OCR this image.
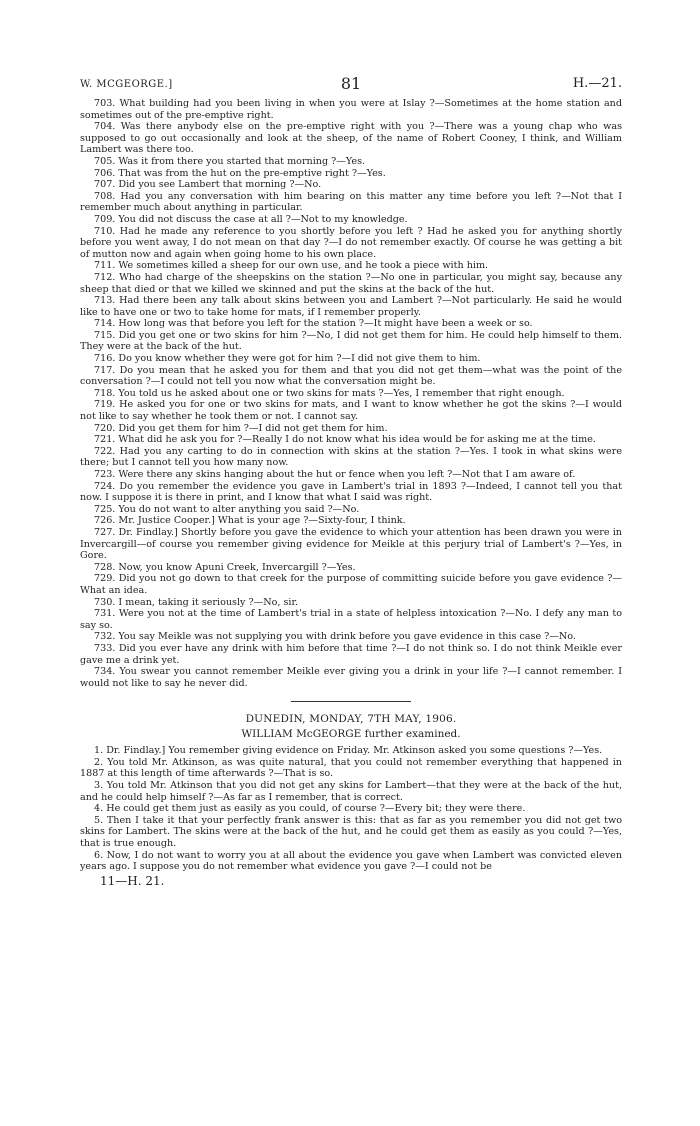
W. MCGEORGE.]	81	H.—21.

703. What building had you been living in when you were at Islay ?—Sometimes at the home station and sometimes out of the pre-emptive right.

704. Was there anybody else on the pre-emptive right with you ?—There was a young chap who was supposed to go out occasionally and look at the sheep, of the name of Robert Cooney, I think, and William Lambert was there too.

705. Was it from there you started that morning ?—Yes.

706. That was from the hut on the pre-emptive right ?—Yes.

707. Did you see Lambert that morning ?—No.

708. Had you any conversation with him bearing on this matter any time before you left ?—Not that I remember much about anything in particular.

709. You did not discuss the case at all ?—Not to my knowledge.

710. Had he made any reference to you shortly before you left ? Had he asked you for anything shortly before you went away, I do not mean on that day ?—I do not remember exactly. Of course he was getting a bit of mutton now and again when going home to his own place.

711. We sometimes killed a sheep for our own use, and he took a piece with him.

712. Who had charge of the sheepskins on the station ?—No one in particular, you might say, because any sheep that died or that we killed we skinned and put the skins at the back of the hut.

713. Had there been any talk about skins between you and Lambert ?—Not particularly. He said he would like to have one or two to take home for mats, if I remember properly.

714. How long was that before you left for the station ?—It might have been a week or so.

715. Did you get one or two skins for him ?—No, I did not get them for him. He could help himself to them. They were at the back of the hut.

716. Do you know whether they were got for him ?—I did not give them to him.

717. Do you mean that he asked you for them and that you did not get them—what was the point of the conversation ?—I could not tell you now what the conversation might be.

718. You told us he asked about one or two skins for mats ?—Yes, I remember that right enough.

719. He asked you for one or two skins for mats, and I want to know whether he got the skins ?—I would not like to say whether he took them or not. I cannot say.

720. Did you get them for him ?—I did not get them for him.

721. What did he ask you for ?—Really I do not know what his idea would be for asking me at the time.

722. Had you any carting to do in connection with skins at the station ?—Yes. I took in what skins were there; but I cannot tell you how many now.

723. Were there any skins hanging about the hut or fence when you left ?—Not that I am aware of.

724. Do you remember the evidence you gave in Lambert's trial in 1893 ?—Indeed, I cannot tell you that now. I suppose it is there in print, and I know that what I said was right.

725. You do not want to alter anything you said ?—No.

726. Mr. Justice Cooper.] What is your age ?—Sixty-four, I think.

727. Dr. Findlay.] Shortly before you gave the evidence to which your attention has been drawn you were in Invercargill—of course you remember giving evidence for Meikle at this perjury trial of Lambert's ?—Yes, in Gore.

728. Now, you know Apuni Creek, Invercargill ?—Yes.

729. Did you not go down to that creek for the purpose of committing suicide before you gave evidence ?—What an idea.

730. I mean, taking it seriously ?—No, sir.

731. Were you not at the time of Lambert's trial in a state of helpless intoxication ?—No. I defy any man to say so.

732. You say Meikle was not supplying you with drink before you gave evidence in this case ?—No.

733. Did you ever have any drink with him before that time ?—I do not think so. I do not think Meikle ever gave me a drink yet.

734. You swear you cannot remember Meikle ever giving you a drink in your life ?—I cannot remember. I would not like to say he never did.

DUNEDIN, MONDAY, 7TH MAY, 1906.
WILLIAM McGEORGE further examined.

1. Dr. Findlay.] You remember giving evidence on Friday. Mr. Atkinson asked you some questions ?—Yes.

2. You told Mr. Atkinson, as was quite natural, that you could not remember everything that happened in 1887 at this length of time afterwards ?—That is so.

3. You told Mr. Atkinson that you did not get any skins for Lambert—that they were at the back of the hut, and he could help himself ?—As far as I remember, that is correct.

4. He could get them just as easily as you could, of course ?—Every bit; they were there.

5. Then I take it that your perfectly frank answer is this: that as far as you remember you did not get two skins for Lambert. The skins were at the back of the hut, and he could get them as easily as you could ?—Yes, that is true enough.

6. Now, I do not want to worry you at all about the evidence you gave when Lambert was convicted eleven years ago. I suppose you do not remember what evidence you gave ?—I could not be

11—H. 21.
